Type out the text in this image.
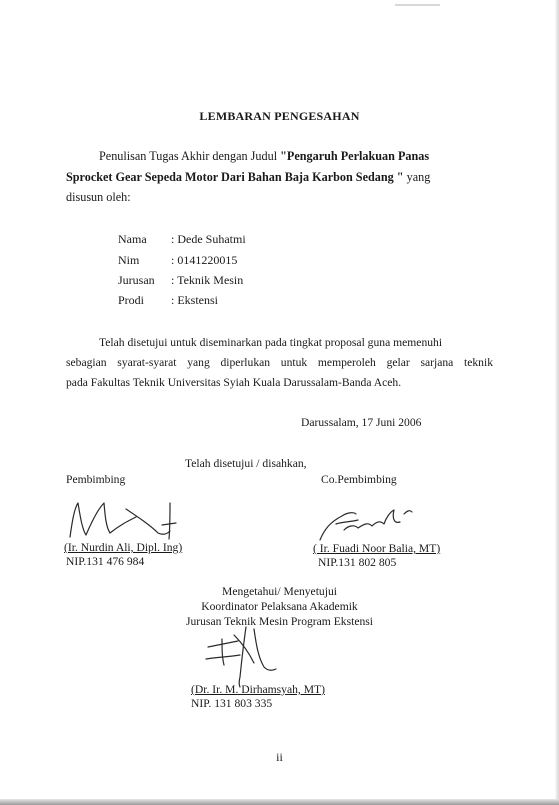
LEMBARAN PENGESAHAN
Penulisan Tugas Akhir dengan Judul "Pengaruh Perlakuan Panas
Sprocket Gear Sepeda Motor Dari Bahan Baja Karbon Sedang " yang
disusun oleh:
Nama : Dede Suhatmi
Nim	: 0141220015
Jurusan : Teknik Mesin
Prodi : Ekstensi
Telah disetujui untuk diseminarkan pada tingkat proposal guna memenuhi
sebagian syarat-syarat yang diperlukan untuk memperoleh gelar sarjana teknik
pada Fakultas Teknik Universitas Syiah Kuala Darussalam-Banda Aceh.
Darussalam, 17 Juni 2006
Telah disetujui / disahkan,
Pembimbing
(Ir. Nurdin Ali, Dipl. Ing)
NIP.131 476 984
Co.Pembimbing
( Ir. Fuadi Noor Balia, MT)
NIP.131 802 805
Mengetahui/ Menyetujui
Koordinator Pelaksana Akademik
Jurusan Teknik Mesin Program Ekstensi
(Dr. Ir. M. Dirhamsyah, MT)
NIP. 131 803 335
ii
